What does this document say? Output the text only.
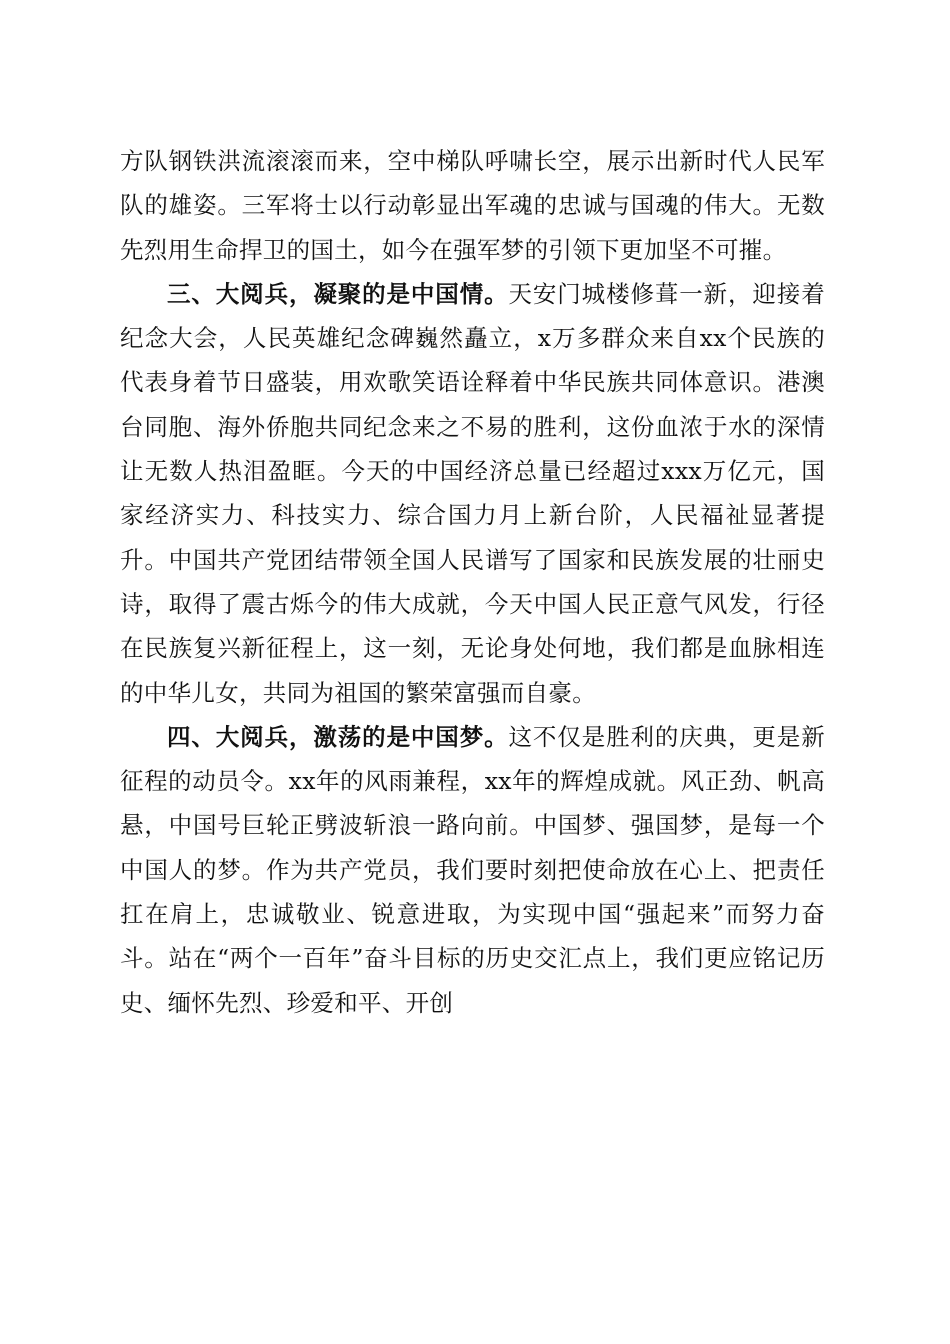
方队钢铁洪流滚滚而来，空中梯队呼啸长空，展示出新时代人民军队的雄姿。三军将士以行动彰显出军魂的忠诚与国魂的伟大。无数先烈用生命捍卫的国土，如今在强军梦的引领下更加坚不可摧。

三、大阅兵，凝聚的是中国情。天安门城楼修葺一新，迎接着纪念大会，人民英雄纪念碑巍然矗立，x万多群众来自xx个民族的代表身着节日盛装，用欢歌笑语诠释着中华民族共同体意识。港澳台同胞、海外侨胞共同纪念来之不易的胜利，这份血浓于水的深情让无数人热泪盈眶。今天的中国经济总量已经超过xxx万亿元，国家经济实力、科技实力、综合国力月上新台阶，人民福祉显著提升。中国共产党团结带领全国人民谱写了国家和民族发展的壮丽史诗，取得了震古烁今的伟大成就，今天中国人民正意气风发，行径在民族复兴新征程上，这一刻，无论身处何地，我们都是血脉相连的中华儿女，共同为祖国的繁荣富强而自豪。

四、大阅兵，激荡的是中国梦。这不仅是胜利的庆典，更是新征程的动员令。xx年的风雨兼程，xx年的辉煌成就。风正劲、帆高悬，中国号巨轮正劈波斩浪一路向前。中国梦、强国梦，是每一个中国人的梦。作为共产党员，我们要时刻把使命放在心上、把责任扛在肩上，忠诚敬业、锐意进取，为实现中国“强起来”而努力奋斗。站在“两个一百年”奋斗目标的历史交汇点上，我们更应铭记历史、缅怀先烈、珍爱和平、开创
